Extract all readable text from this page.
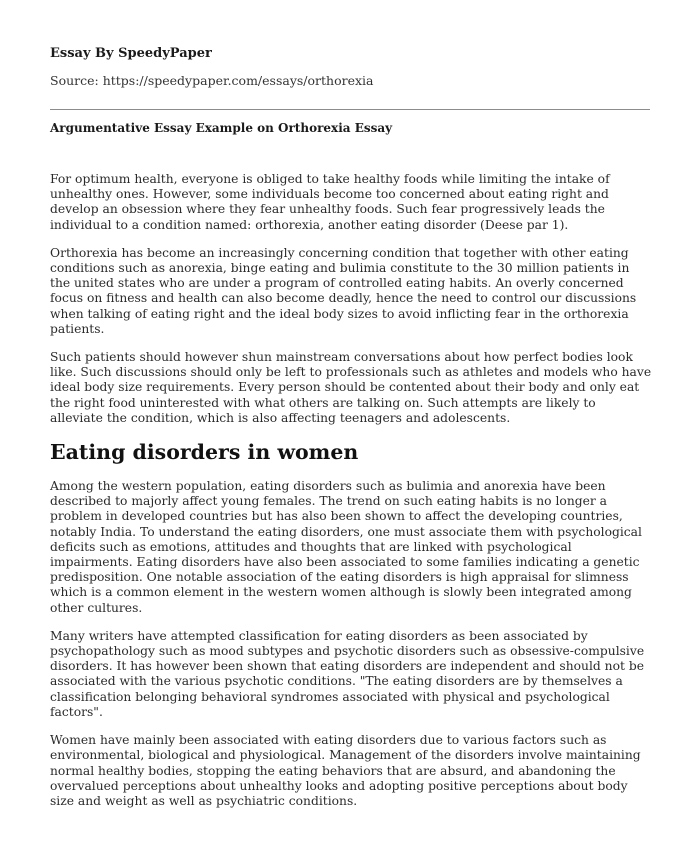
Essay By SpeedyPaper
Source: https://speedypaper.com/essays/orthorexia
Argumentative Essay Example on Orthorexia Essay

For optimum health, everyone is obliged to take healthy foods while limiting the intake of unhealthy ones. However, some individuals become too concerned about eating right and develop an obsession where they fear unhealthy foods. Such fear progressively leads the individual to a condition named: orthorexia, another eating disorder (Deese par 1).

Orthorexia has become an increasingly concerning condition that together with other eating conditions such as anorexia, binge eating and bulimia constitute to the 30 million patients in the united states who are under a program of controlled eating habits. An overly concerned focus on fitness and health can also become deadly, hence the need to control our discussions when talking of eating right and the ideal body sizes to avoid inflicting fear in the orthorexia patients.

Such patients should however shun mainstream conversations about how perfect bodies look like. Such discussions should only be left to professionals such as athletes and models who have ideal body size requirements. Every person should be contented about their body and only eat the right food uninterested with what others are talking on. Such attempts are likely to alleviate the condition, which is also affecting teenagers and adolescents.

Eating disorders in women

Among the western population, eating disorders such as bulimia and anorexia have been described to majorly affect young females. The trend on such eating habits is no longer a problem in developed countries but has also been shown to affect the developing countries, notably India. To understand the eating disorders, one must associate them with psychological deficits such as emotions, attitudes and thoughts that are linked with psychological impairments. Eating disorders have also been associated to some families indicating a genetic predisposition. One notable association of the eating disorders is high appraisal for slimness which is a common element in the western women although is slowly been integrated among other cultures.

Many writers have attempted classification for eating disorders as been associated by psychopathology such as mood subtypes and psychotic disorders such as obsessive-compulsive disorders. It has however been shown that eating disorders are independent and should not be associated with the various psychotic conditions. "The eating disorders are by themselves a classification belonging behavioral syndromes associated with physical and psychological factors".

Women have mainly been associated with eating disorders due to various factors such as environmental, biological and physiological. Management of the disorders involve maintaining normal healthy bodies, stopping the eating behaviors that are absurd, and abandoning the overvalued perceptions about unhealthy looks and adopting positive perceptions about body size and weight as well as psychiatric conditions.
